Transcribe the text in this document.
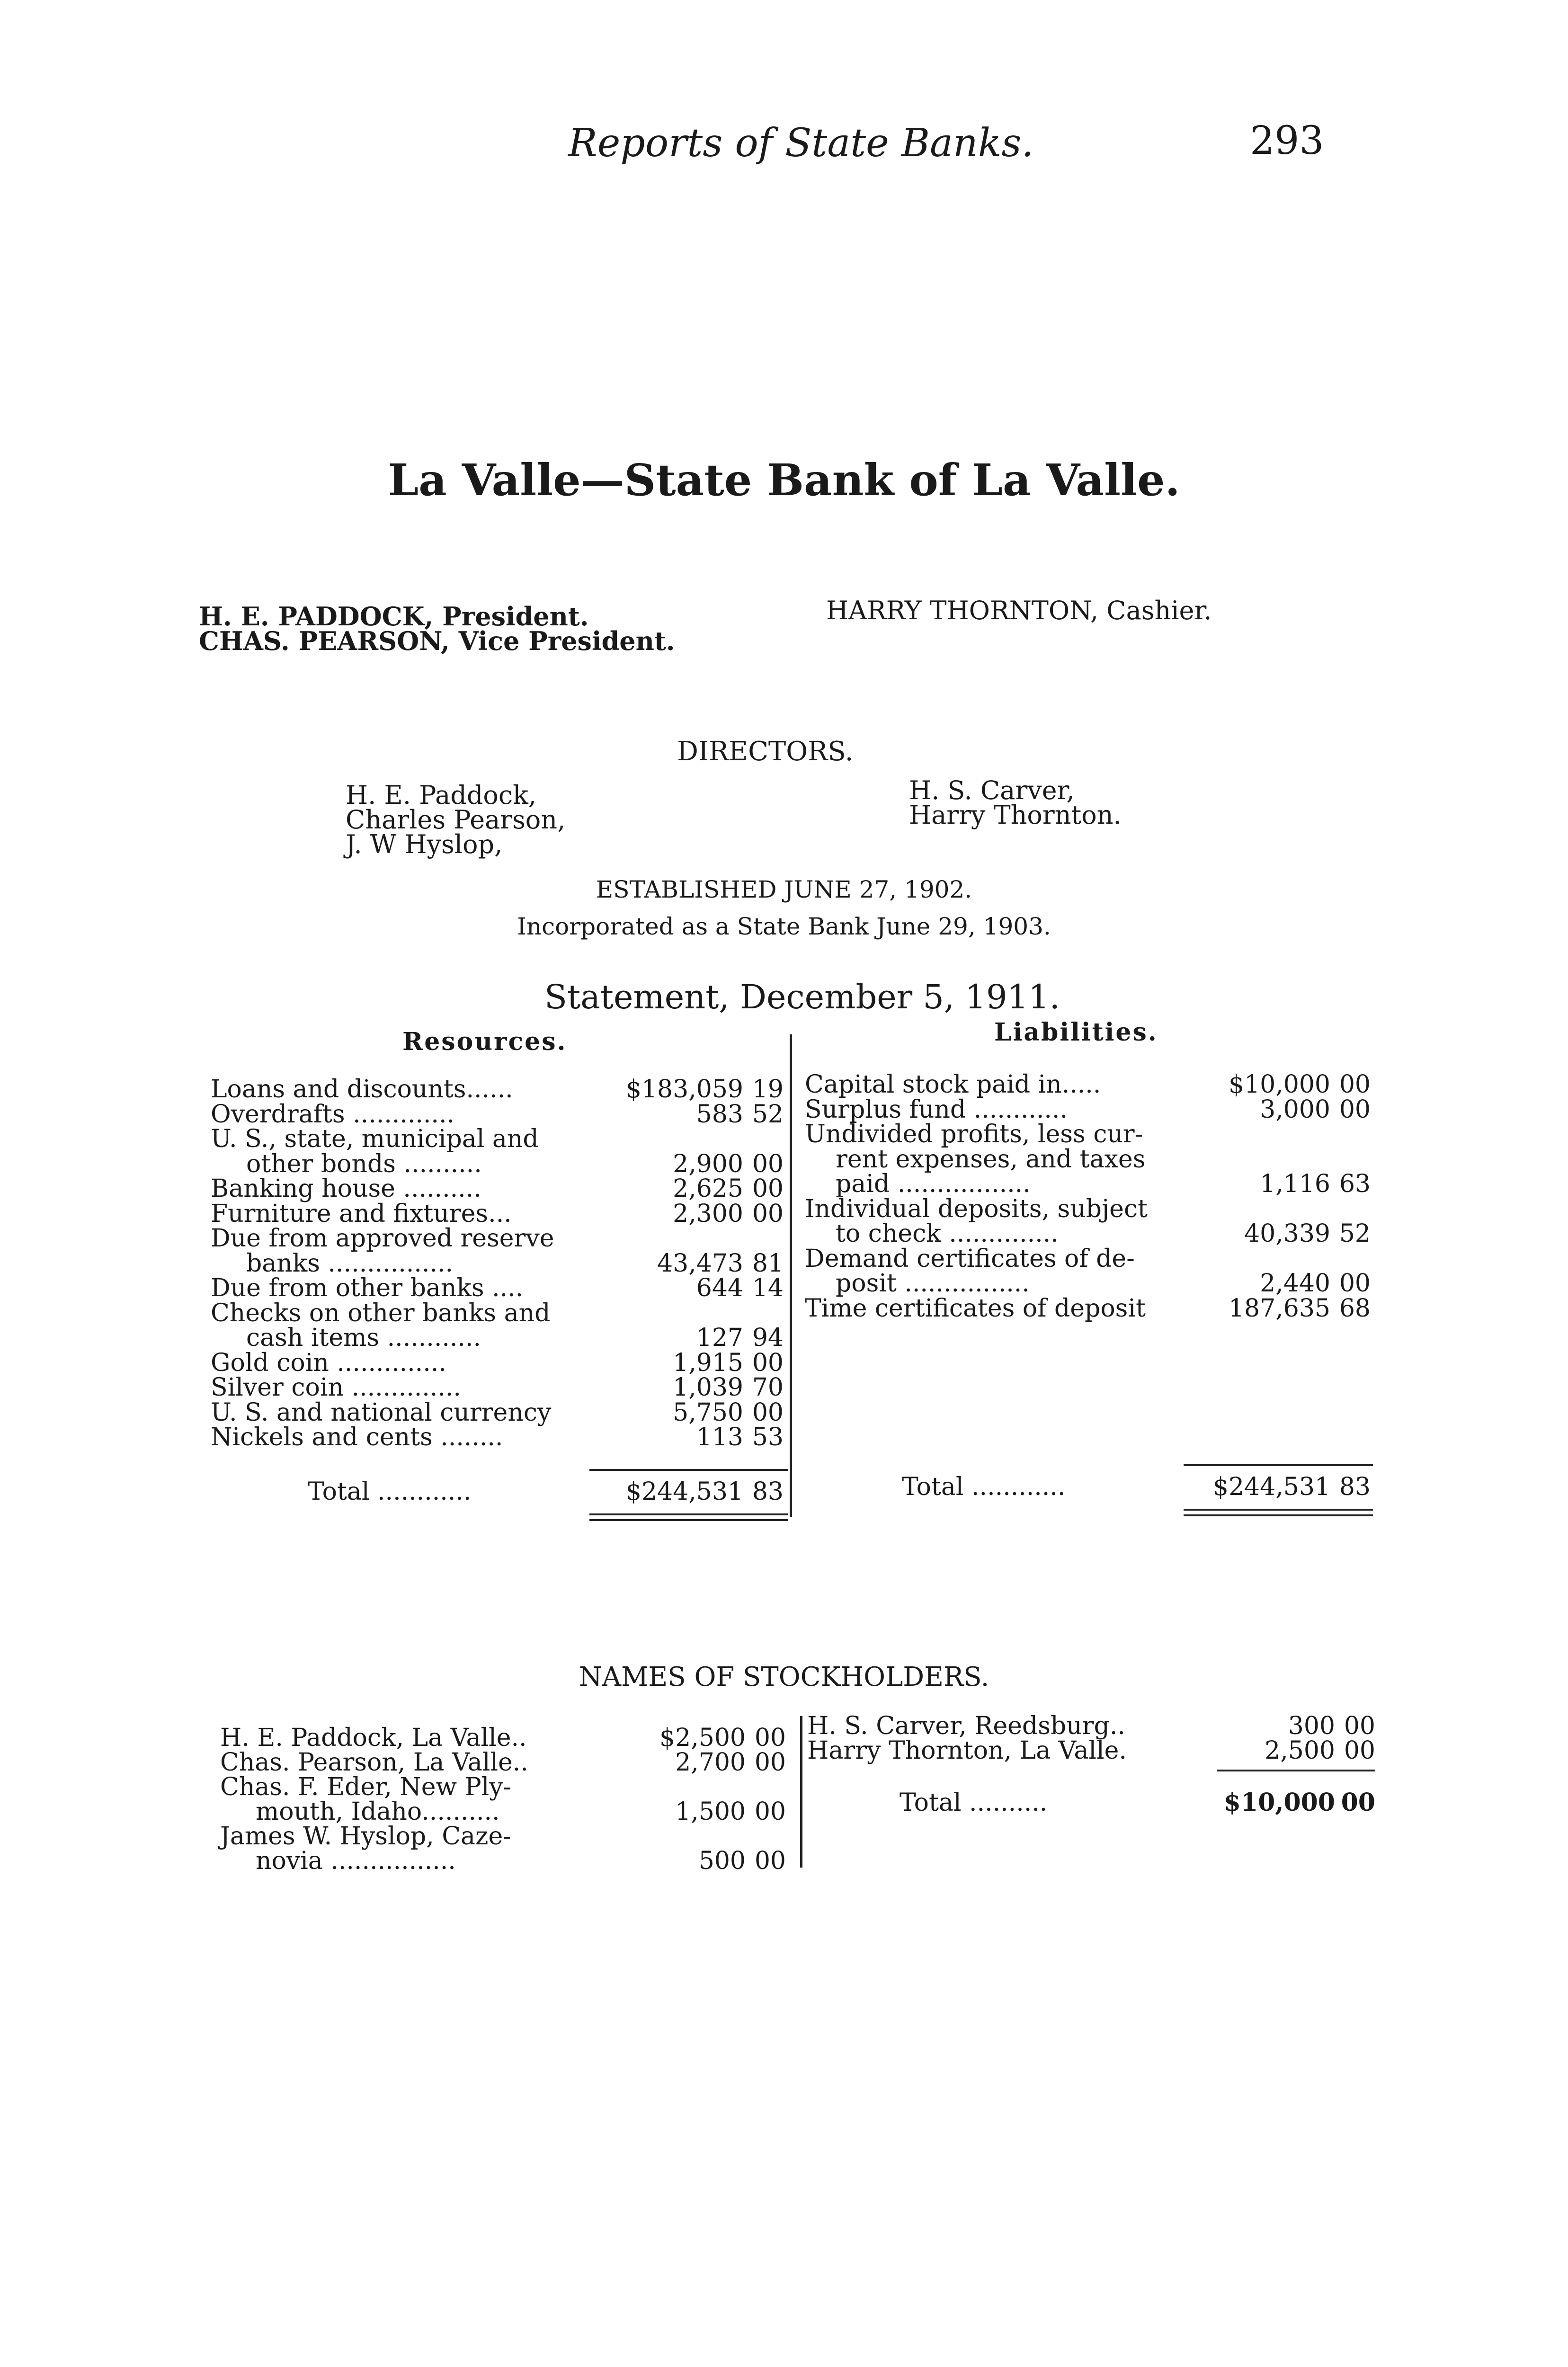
Reports of State Banks.	293
La Valle—State Bank of La Valle.
H. E. PADDOCK, President.
CHAS. PEARSON, Vice President.
HARRY THORNTON, Cashier.
DIRECTORS.
H. E. Paddock,
Charles Pearson,
J. W Hyslop,
H. S. Carver,
Harry Thornton.
ESTABLISHED JUNE 27, 1902.
Incorporated as a State Bank June 29, 1903.
Statement, December 5, 1911.
Resources.	Liabilities.
Loans and discounts......	$183,059 19
Overdrafts .............	583 52
U. S., state, municipal and
other bonds ..........	2,900 00
Banking house ..........	2,625 00
Furniture and fixtures...	2,300 00
Due from approved reserve
banks ................	43,473 81
Due from other banks ....	644 14
Checks on other banks and
cash items ............	127 94
Gold coin ..............	1,915 00
Silver coin ..............	1,039 70
U. S. and national currency	5,750 00
Nickels and cents ........	113 53
Total ............	$244,531 83
Capital stock paid in.....	$10,000 00
Surplus fund ............	3,000 00
Undivided profits, less cur-
rent expenses, and taxes
paid .................	1,116 63
Individual deposits, subject
to check ..............	40,339 52
Demand certificates of de-
posit ................	2,440 00
Time certificates of deposit	187,635 68
Total ............	$244,531 83
NAMES OF STOCKHOLDERS.
H. E. Paddock, La Valle..	$2,500 00
Chas. Pearson, La Valle..	2,700 00
Chas. F. Eder, New Ply-
mouth, Idaho..........	1,500 00
James W. Hyslop, Caze-
novia ................	500 00
H. S. Carver, Reedsburg..	300 00
Harry Thornton, La Valle.	2,500 00
Total ..........	$10,000 00
